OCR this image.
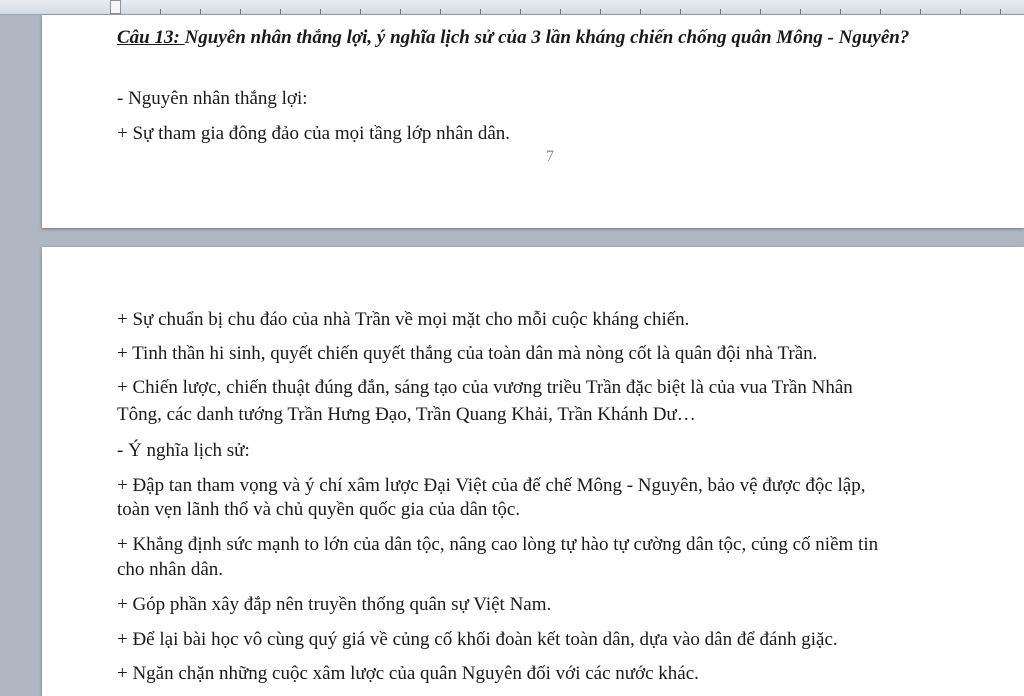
Câu 13: Nguyên nhân thắng lợi, ý nghĩa lịch sử của 3 lần kháng chiến chống quân Mông - Nguyên?
- Nguyên nhân thắng lợi:
+ Sự tham gia đông đảo của mọi tầng lớp nhân dân.
7
+ Sự chuẩn bị chu đáo của nhà Trần về mọi mặt cho mỗi cuộc kháng chiến.
+ Tinh thần hi sinh, quyết chiến quyết thắng của toàn dân mà nòng cốt là quân đội nhà Trần.
+ Chiến lược, chiến thuật đúng đắn, sáng tạo của vương triều Trần đặc biệt là của vua Trần Nhân
Tông, các danh tướng Trần Hưng Đạo, Trần Quang Khải, Trần Khánh Dư…
- Ý nghĩa lịch sử:
+ Đập tan tham vọng và ý chí xâm lược Đại Việt của đế chế Mông - Nguyên, bảo vệ được độc lập,
toàn vẹn lãnh thổ và chủ quyền quốc gia của dân tộc.
+ Khẳng định sức mạnh to lớn của dân tộc, nâng cao lòng tự hào tự cường dân tộc, củng cố niềm tin
cho nhân dân.
+ Góp phần xây đắp nên truyền thống quân sự Việt Nam.
+ Để lại bài học vô cùng quý giá về củng cố khối đoàn kết toàn dân, dựa vào dân để đánh giặc.
+ Ngăn chặn những cuộc xâm lược của quân Nguyên đối với các nước khác.
